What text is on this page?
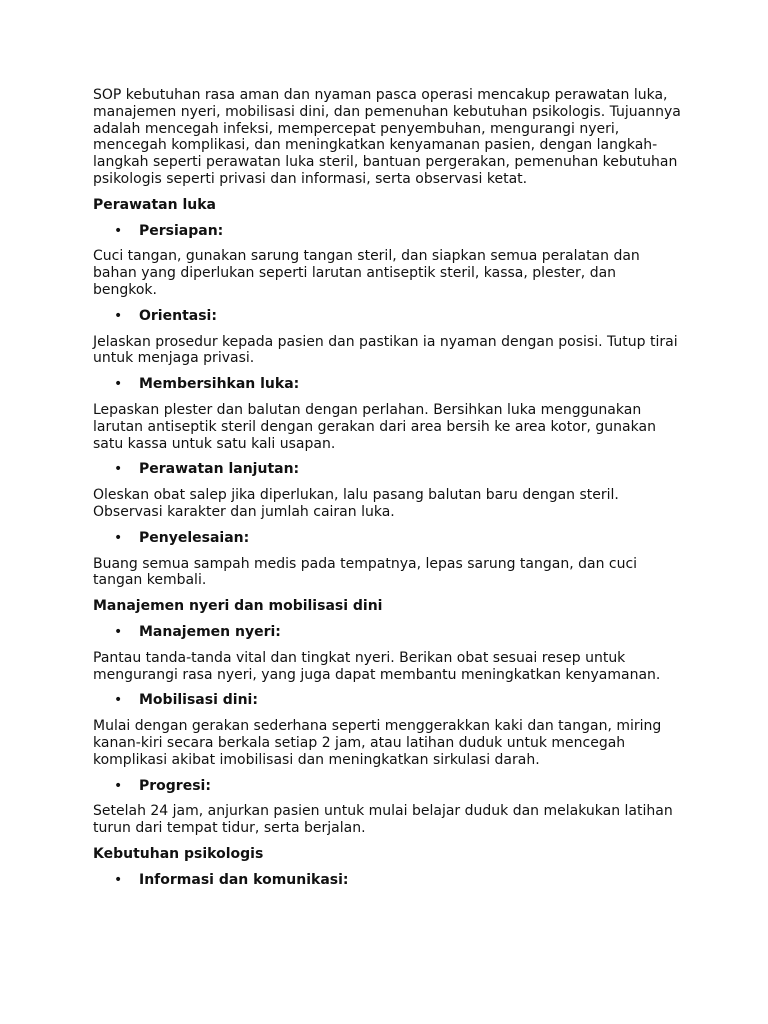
SOP kebutuhan rasa aman dan nyaman pasca operasi mencakup perawatan luka, manajemen nyeri, mobilisasi dini, dan pemenuhan kebutuhan psikologis. Tujuannya adalah mencegah infeksi, mempercepat penyembuhan, mengurangi nyeri, mencegah komplikasi, dan meningkatkan kenyamanan pasien, dengan langkah-langkah seperti perawatan luka steril, bantuan pergerakan, pemenuhan kebutuhan psikologis seperti privasi dan informasi, serta observasi ketat.

Perawatan luka

• Persiapan:

Cuci tangan, gunakan sarung tangan steril, dan siapkan semua peralatan dan bahan yang diperlukan seperti larutan antiseptik steril, kassa, plester, dan bengkok.

• Orientasi:

Jelaskan prosedur kepada pasien dan pastikan ia nyaman dengan posisi. Tutup tirai untuk menjaga privasi.

• Membersihkan luka:

Lepaskan plester dan balutan dengan perlahan. Bersihkan luka menggunakan larutan antiseptik steril dengan gerakan dari area bersih ke area kotor, gunakan satu kassa untuk satu kali usapan.

• Perawatan lanjutan:

Oleskan obat salep jika diperlukan, lalu pasang balutan baru dengan steril. Observasi karakter dan jumlah cairan luka.

• Penyelesaian:

Buang semua sampah medis pada tempatnya, lepas sarung tangan, dan cuci tangan kembali.

Manajemen nyeri dan mobilisasi dini

• Manajemen nyeri:

Pantau tanda-tanda vital dan tingkat nyeri. Berikan obat sesuai resep untuk mengurangi rasa nyeri, yang juga dapat membantu meningkatkan kenyamanan.

• Mobilisasi dini:

Mulai dengan gerakan sederhana seperti menggerakkan kaki dan tangan, miring kanan-kiri secara berkala setiap 2 jam, atau latihan duduk untuk mencegah komplikasi akibat imobilisasi dan meningkatkan sirkulasi darah.

• Progresi:

Setelah 24 jam, anjurkan pasien untuk mulai belajar duduk dan melakukan latihan turun dari tempat tidur, serta berjalan.

Kebutuhan psikologis

• Informasi dan komunikasi:
